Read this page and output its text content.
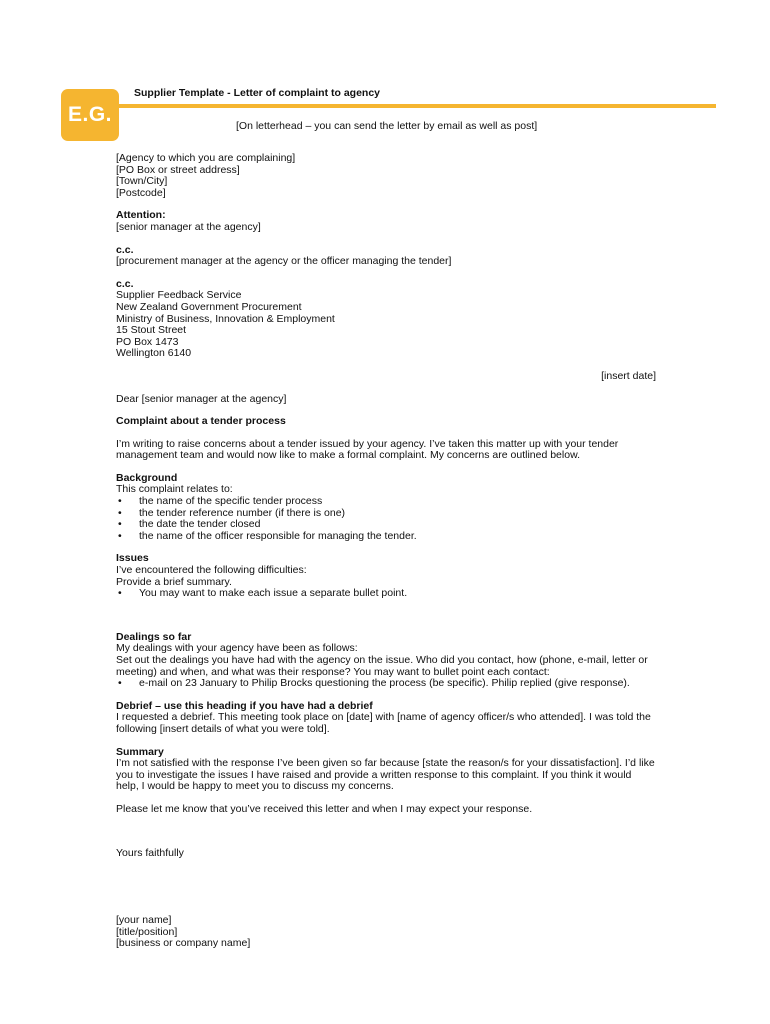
E.G.

Supplier Template - Letter of complaint to agency

[On letterhead – you can send the letter by email as well as post]

[Agency to which you are complaining]

[PO Box or street address]

[Town/City]

[Postcode]

Attention:

[senior manager at the agency]

c.c.

[procurement manager at the agency or the officer managing the tender]

c.c.

Supplier Feedback Service

New Zealand Government Procurement

Ministry of Business, Innovation & Employment

15 Stout Street

PO Box 1473

Wellington 6140

[insert date]

Dear [senior manager at the agency]

Complaint about a tender process

I’m writing to raise concerns about a tender issued by your agency. I’ve taken this matter up with your tender management team and would now like to make a formal complaint. My concerns are outlined below.

Background

This complaint relates to:

• the name of the specific tender process
• the tender reference number (if there is one)
• the date the tender closed
• the name of the officer responsible for managing the tender.

Issues

I’ve encountered the following difficulties:

Provide a brief summary.

• You may want to make each issue a separate bullet point.

Dealings so far

My dealings with your agency have been as follows:

Set out the dealings you have had with the agency on the issue. Who did you contact, how (phone, e-mail, letter or meeting) and when, and what was their response? You may want to bullet point each contact:

• e-mail on 23 January to Philip Brocks questioning the process (be specific). Philip replied (give response).

Debrief – use this heading if you have had a debrief

I requested a debrief. This meeting took place on [date] with [name of agency officer/s who attended]. I was told the following [insert details of what you were told].

Summary

I’m not satisfied with the response I’ve been given so far because [state the reason/s for your dissatisfaction]. I’d like you to investigate the issues I have raised and provide a written response to this complaint. If you think it would help, I would be happy to meet you to discuss my concerns.

Please let me know that you’ve received this letter and when I may expect your response.

Yours faithfully

[your name]

[title/position]

[business or company name]
